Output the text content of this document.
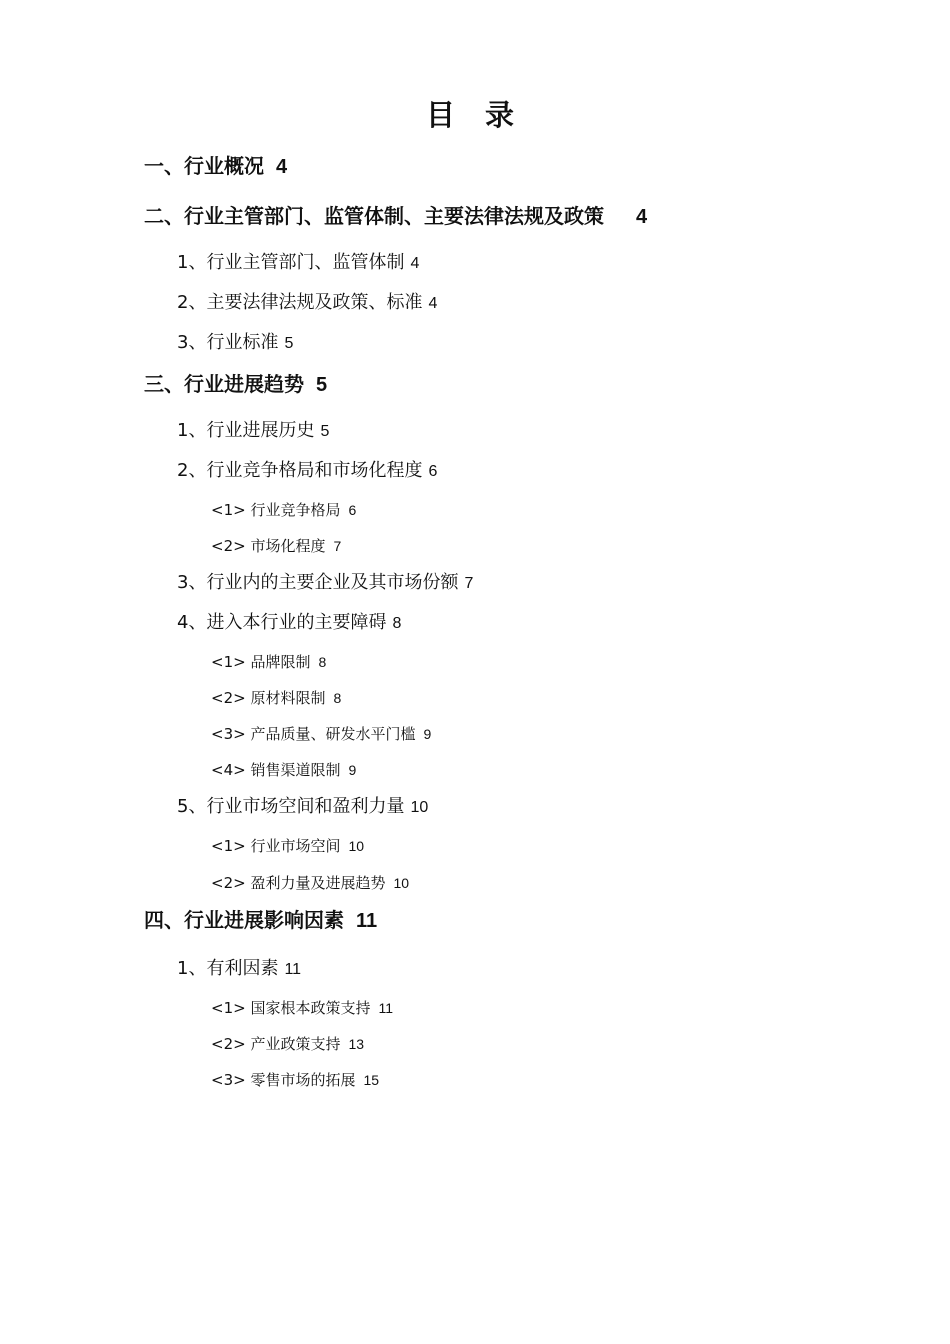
目 录
一、行业概况 4
二、行业主管部门、监管体制、主要法律法规及政策 4
1、行业主管部门、监管体制 4
2、主要法律法规及政策、标准 4
3、行业标准 5
三、行业进展趋势 5
1、行业进展历史 5
2、行业竞争格局和市场化程度 6
<1> 行业竞争格局 6
<2> 市场化程度 7
3、行业内的主要企业及其市场份额 7
4、进入本行业的主要障碍 8
<1> 品牌限制 8
<2> 原材料限制 8
<3> 产品质量、研发水平门槛 9
<4> 销售渠道限制 9
5、行业市场空间和盈利力量 10
<1> 行业市场空间 10
<2> 盈利力量及进展趋势 10
四、行业进展影响因素 11
1、有利因素 11
<1> 国家根本政策支持 11
<2> 产业政策支持 13
<3> 零售市场的拓展 15
